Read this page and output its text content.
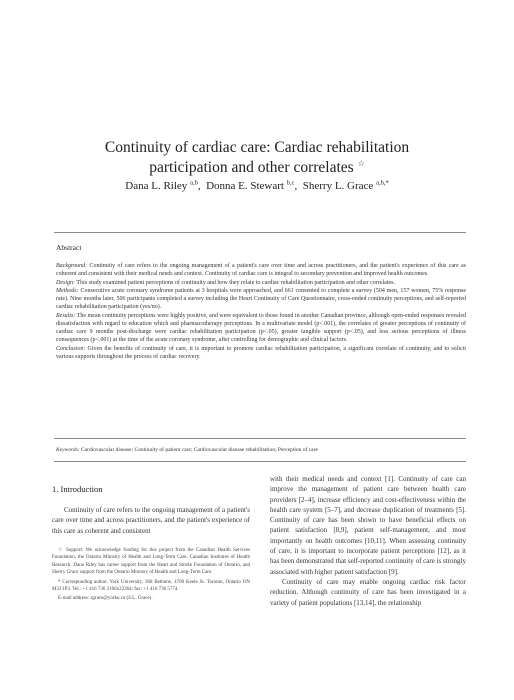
Continuity of cardiac care: Cardiac rehabilitation
participation and other correlates ☆
Dana L. Riley $^{a,b}$,  Donna E. Stewart $^{b,c}$,  Sherry L. Grace $^{a,b,*}$
Abstract

Background: Continuity of care refers to the ongoing management of a patient's care over time and across practitioners, and the patient's experience of this care as coherent and consistent with their medical needs and context. Continuity of cardiac care is integral to secondary prevention and improved health outcomes.

Design: This study examined patient perceptions of continuity and how they relate to cardiac rehabilitation participation and other correlates.

Methods: Consecutive acute coronary syndrome patients at 3 hospitals were approached, and 661 consented to complete a survey (504 men, 157 women, 75% response rate). Nine months later, 506 participants completed a survey including the Heart Continuity of Care Questionnaire, cross-ended continuity perceptions, and self-reported cardiac rehabilitation participation (yes/no).

Results: The mean continuity perceptions were highly positive, and were equivalent to those found in another Canadian province, although open-ended responses revealed dissatisfaction with regard to education which and pharmacotherapy perceptions. In a multivariate model (p<.001), the correlates of greater perceptions of continuity of cardiac care 9 months post-discharge were cardiac rehabilitation participation (p<.05), greater tangible support (p<.05), and less serious perceptions of illness consequences (p<.001) at the time of the acute coronary syndrome, after controlling for demographic and clinical factors.

Conclusion: Given the benefits of continuity of care, it is important to promote cardiac rehabilitation participation, a significant correlate of continuity, and to solicit various supports throughout the process of cardiac recovery.

Keywords: Cardiovascular disease; Continuity of patient care; Cardiovascular disease rehabilitation; Perception of care
1. Introduction

Continuity of care refers to the ongoing management of a patient's care over time and across practitioners, and the patient's experience of this care as coherent and consistent

☆ Support: We acknowledge funding for this project from the Canadian Health Services Foundation, the Ontario Ministry of Health and Long-Term Care, Canadian Institutes of Health Research. Dana Riley has career support from the Heart and Stroke Foundation of Ontario, and Sherry Grace support from the Ontario Ministry of Health and Long-Term Care.

* Corresponding author. York University, 368 Bethune, 4700 Keele St. Toronto, Ontario ON M3J 1P3. Tel.: +1 416 736 2100x22364; fax: +1 416 736 5774.

E-mail address: sgrace@yorku.ca (S.L. Grace).

with their medical needs and context [1]. Continuity of care can improve the management of patient care between health care providers [2–4], increase efficiency and cost-effectiveness within the health care system [5–7], and decrease duplication of treatments [5]. Continuity of care has been shown to have beneficial effects on patient satisfaction [8,9], patient self-management, and most importantly on health outcomes [10,11]. When assessing continuity of care, it is important to incorporate patient perceptions [12], as it has been demonstrated that self-reported continuity of care is strongly associated with higher patient satisfaction [9].

Continuity of care may enable ongoing cardiac risk factor reduction. Although continuity of care has been investigated in a variety of patient populations [13,14], the relationship
